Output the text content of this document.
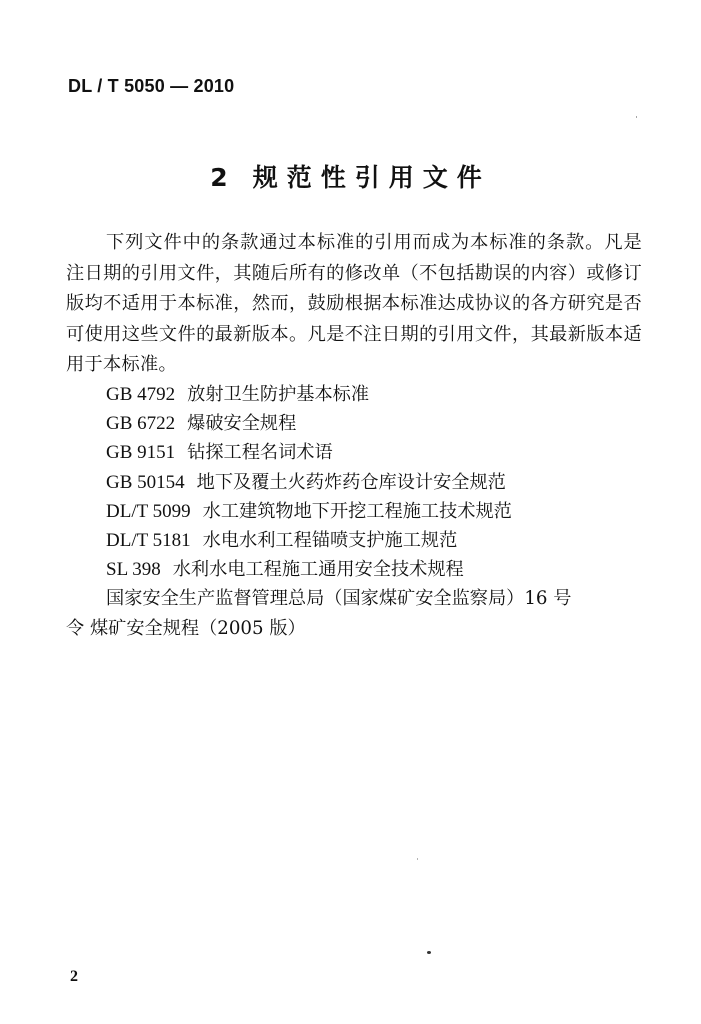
DL / T 5050 — 2010
2 规范性引用文件

下列文件中的条款通过本标准的引用而成为本标准的条款。凡是注日期的引用文件，其随后所有的修改单（不包括勘误的内容）或修订版均不适用于本标准，然而，鼓励根据本标准达成协议的各方研究是否可使用这些文件的最新版本。凡是不注日期的引用文件，其最新版本适用于本标准。

GB 4792 放射卫生防护基本标准
GB 6722 爆破安全规程
GB 9151 钻探工程名词术语
GB 50154 地下及覆土火药炸药仓库设计安全规范
DL/T 5099 水工建筑物地下开挖工程施工技术规范
DL/T 5181 水电水利工程锚喷支护施工规范
SL 398 水利水电工程施工通用安全技术规程
国家安全生产监督管理总局（国家煤矿安全监察局）16 号
令 煤矿安全规程（2005 版）
2
